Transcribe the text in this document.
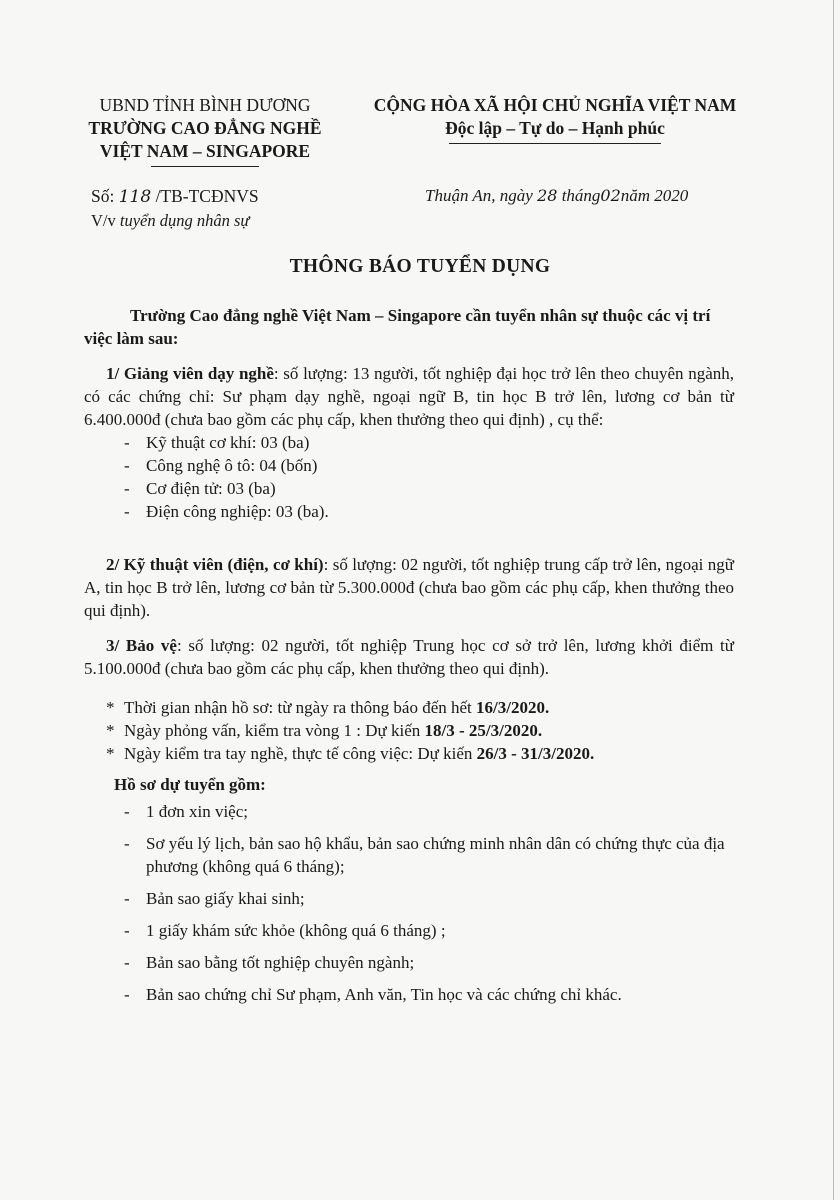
UBND TỈNH BÌNH DƯƠNG
TRƯỜNG CAO ĐẲNG NGHỀ
VIỆT NAM – SINGAPORE
CỘNG HÒA XÃ HỘI CHỦ NGHĨA VIỆT NAM
Độc lập – Tự do – Hạnh phúc
Số: 118 /TB-TCĐNVS
V/v tuyển dụng nhân sự
Thuận An, ngày 28 tháng02năm 2020
THÔNG BÁO TUYỂN DỤNG

Trường Cao đẳng nghề Việt Nam – Singapore cần tuyển nhân sự thuộc các vị trí việc làm sau:

1/ Giảng viên dạy nghề: số lượng: 13 người, tốt nghiệp đại học trở lên theo chuyên ngành, có các chứng chỉ: Sư phạm dạy nghề, ngoại ngữ B, tin học B trở lên, lương cơ bản từ 6.400.000đ (chưa bao gồm các phụ cấp, khen thưởng theo qui định) , cụ thể:

- Kỹ thuật cơ khí: 03 (ba)
- Công nghệ ô tô: 04 (bốn)
- Cơ điện tử: 03 (ba)
- Điện công nghiệp: 03 (ba).

2/ Kỹ thuật viên (điện, cơ khí): số lượng: 02 người, tốt nghiệp trung cấp trở lên, ngoại ngữ A, tin học B trở lên, lương cơ bản từ 5.300.000đ (chưa bao gồm các phụ cấp, khen thưởng theo qui định).

3/ Bảo vệ: số lượng: 02 người, tốt nghiệp Trung học cơ sở trở lên, lương khởi điểm từ 5.100.000đ (chưa bao gồm các phụ cấp, khen thưởng theo qui định).

* Thời gian nhận hồ sơ: từ ngày ra thông báo đến hết 16/3/2020.
* Ngày phỏng vấn, kiểm tra vòng 1 : Dự kiến 18/3 - 25/3/2020.
* Ngày kiểm tra tay nghề, thực tế công việc: Dự kiến 26/3 - 31/3/2020.
Hồ sơ dự tuyển gồm:
- 1 đơn xin việc;
- Sơ yếu lý lịch, bản sao hộ khẩu, bản sao chứng minh nhân dân có chứng thực của địa phương (không quá 6 tháng);
- Bản sao giấy khai sinh;
- 1 giấy khám sức khỏe (không quá 6 tháng) ;
- Bản sao bằng tốt nghiệp chuyên ngành;
- Bản sao chứng chỉ Sư phạm, Anh văn, Tin học và các chứng chỉ khác.
